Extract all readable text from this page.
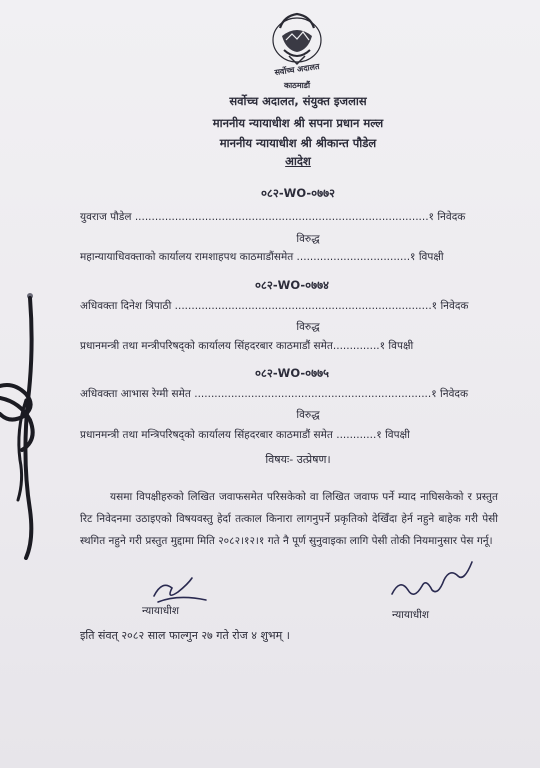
सर्वोच्च अदालत
काठमाडौं
सर्वोच्च अदालत, संयुक्त इजलास
माननीय न्यायाधीश श्री सपना प्रधान मल्ल
माननीय न्यायाधीश श्री श्रीकान्त पौडेल
आदेश
०८२-WO-०७७२
युवराज पौडेल ........................................................................................१ निवेदक
विरुद्ध
महान्यायाधिवक्ताको कार्यालय रामशाहपथ काठमाडौंसमेत ..................................१ विपक्षी
०८२-WO-०७७४
अधिवक्ता दिनेश त्रिपाठी .............................................................................१ निवेदक
विरुद्ध
प्रधानमन्त्री तथा मन्त्रीपरिषद्को कार्यालय सिंहदरबार काठमाडौं समेत..............१ विपक्षी
०८२-WO-०७७५
अधिवक्ता आभास रेग्मी समेत .......................................................................१ निवेदक
विरुद्ध
प्रधानमन्त्री तथा मन्त्रिपरिषद्को कार्यालय सिंहदरबार काठमाडौं समेत ............१ विपक्षी
विषयः- उत्प्रेषण।
यसमा विपक्षीहरुको लिखित जवाफसमेत परिसकेको वा लिखित जवाफ पर्ने म्याद नाघिसकेको र प्रस्तुत रिट निवेदनमा उठाइएको विषयवस्तु हेर्दा तत्काल किनारा लागनुपर्ने प्रकृतिको देखिँदा हेर्न नहुने बाहेक गरी पेसी स्थगित नहुने गरी प्रस्तुत मुद्दामा मिति २०८२।१२।१ गते नै पूर्ण सुनुवाइका लागि पेसी तोकी नियमानुसार पेस गर्नू।
न्यायाधीश	न्यायाधीश
इति संवत् २०८२ साल फाल्गुन २७ गते रोज ४ शुभम् ।
